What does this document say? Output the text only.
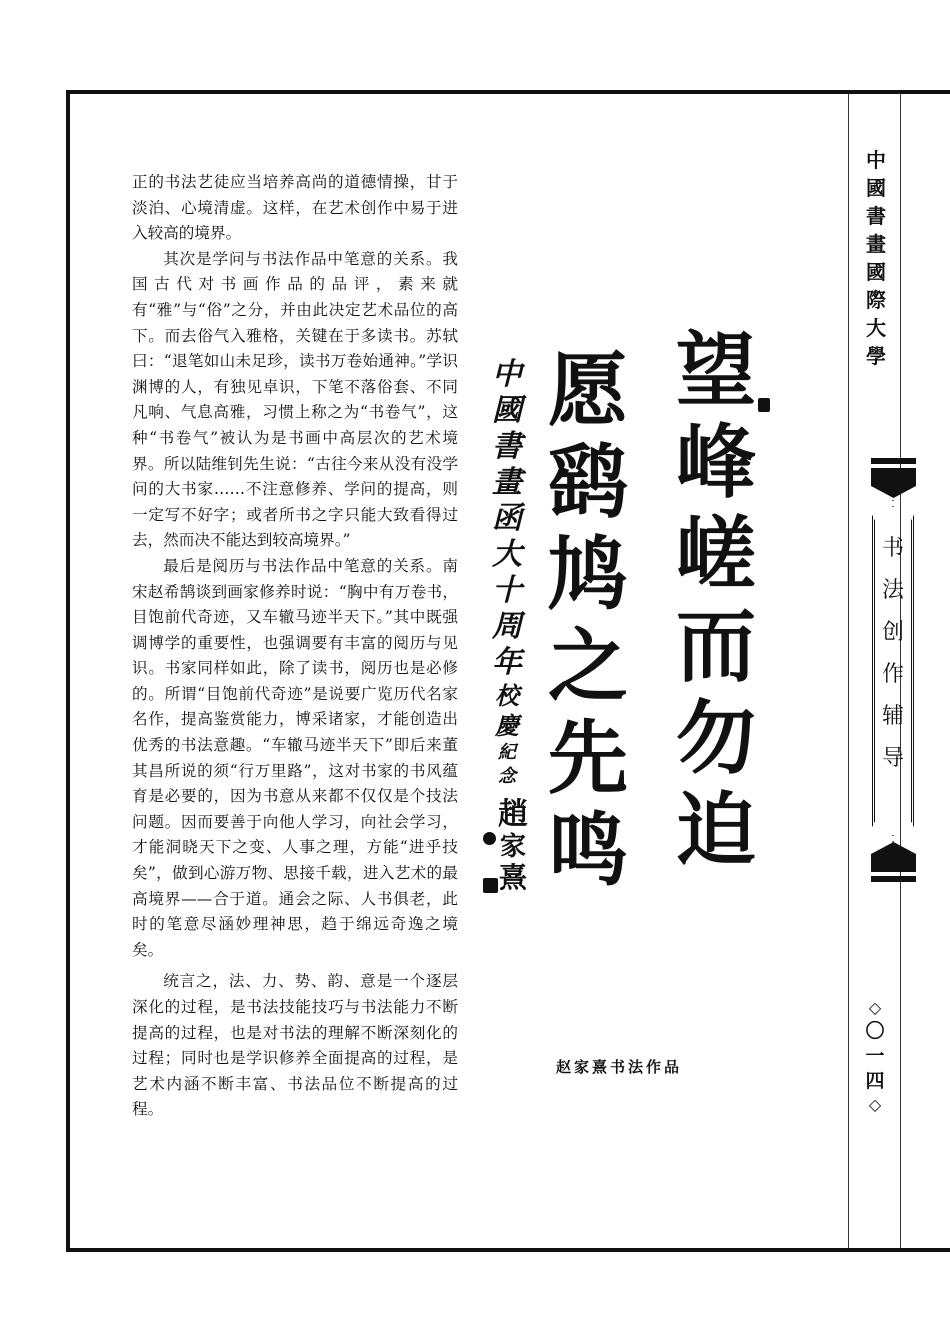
正的书法艺徒应当培养高尚的道德情操，甘于淡泊、心境清虚。这样，在艺术创作中易于进入较高的境界。

其次是学问与书法作品中笔意的关系。我国古代对书画作品的品评，素来就有“雅”与“俗”之分，并由此决定艺术品位的高下。而去俗气入雅格，关键在于多读书。苏轼曰：“退笔如山未足珍，读书万卷始通神。”学识渊博的人，有独见卓识，下笔不落俗套、不同凡响、气息高雅，习惯上称之为“书卷气”，这种“书卷气”被认为是书画中高层次的艺术境界。所以陆维钊先生说：“古往今来从没有没学问的大书家……不注意修养、学问的提高，则一定写不好字；或者所书之字只能大致看得过去，然而决不能达到较高境界。”

最后是阅历与书法作品中笔意的关系。南宋赵希鹄谈到画家修养时说：“胸中有万卷书，目饱前代奇迹，又车辙马迹半天下。”其中既强调博学的重要性，也强调要有丰富的阅历与见识。书家同样如此，除了读书，阅历也是必修的。所谓“目饱前代奇迹”是说要广览历代名家名作，提高鉴赏能力，博采诸家，才能创造出优秀的书法意趣。“车辙马迹半天下”即后来董其昌所说的须“行万里路”，这对书家的书风蕴育是必要的，因为书意从来都不仅仅是个技法问题。因而要善于向他人学习，向社会学习，才能洞晓天下之变、人事之理，方能“进乎技矣”，做到心游万物、思接千载，进入艺术的最高境界——合于道。通会之际、人书俱老，此时的笔意尽涵妙理神思，趋于绵远奇逸之境矣。

统言之，法、力、势、韵、意是一个逐层深化的过程，是书法技能技巧与书法能力不断提高的过程，也是对书法的理解不断深刻化的过程；同时也是学识修养全面提高的过程，是艺术内涵不断丰富、书法品位不断提高的过程。

望
峰
嵯
而
勿
迫
愿
鹞
鸠
之
先
鸣
中
國
書
畫
函
大
十
周
年
校
慶
紀
念
趙
家
熹
赵家熹书法作品
中
國
書
畫
國
際
大
學
书
法
创
作
辅
导
◇
〇
一
四
◇
